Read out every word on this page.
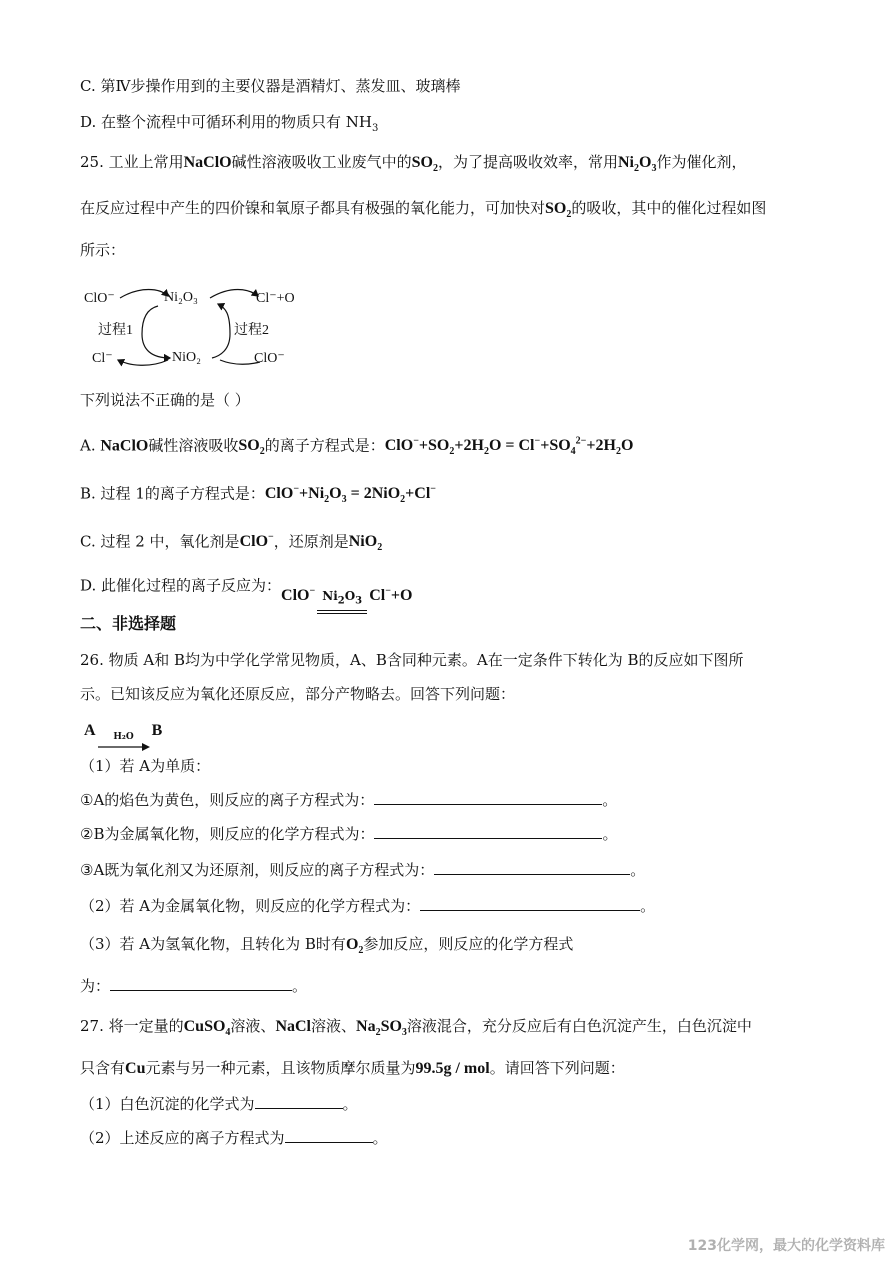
C. 第Ⅳ步操作用到的主要仪器是酒精灯、蒸发皿、玻璃棒
D. 在整个流程中可循环利用的物质只有 $NH_3$
25. 工业上常用NaClO碱性溶液吸收工业废气中的$SO_2$，为了提高吸收效率，常用$Ni_2O_3$作为催化剂，
在反应过程中产生的四价镍和氧原子都具有极强的氧化能力，可加快对$SO_2$的吸收，其中的催化过程如图
所示：
ClO⁻	Ni₂O₃	Cl⁻+O
过程1	过程2
Cl⁻	NiO₂	ClO⁻
下列说法不正确的是（ ）
A. NaClO碱性溶液吸收$SO_2$的离子方程式是：$ClO^-+SO_2+2H_2O = Cl^-+SO_4^{2-}+2H_2O$
B. 过程 1的离子方程式是：$ClO^-+Ni_2O_3 = 2NiO_2+Cl^-$
C. 过程 2 中，氧化剂是ClO−，还原剂是NiO$_2$
D. 此催化过程的离子反应为：ClO− $Ni_2O_3$ Cl−+O
二、非选择题
26. 物质 A和 B均为中学化学常见物质，A、B含同种元素。A在一定条件下转化为 B的反应如下图所
示。已知该反应为氧化还原反应，部分产物略去。回答下列问题：
A	H₂O	B
（1）若 A为单质：
①A的焰色为黄色，则反应的离子方程式为：	。
②B为金属氧化物，则反应的化学方程式为：	。
③A既为氧化剂又为还原剂，则反应的离子方程式为：	。
（2）若 A为金属氧化物，则反应的化学方程式为：	。
（3）若 A为氢氧化物，且转化为 B时有$O_2$参加反应，则反应的化学方程式
为：	。
27. 将一定量的CuSO$_4$溶液、NaCl溶液、$Na_2SO_3$溶液混合，充分反应后有白色沉淀产生，白色沉淀中
只含有Cu元素与另一种元素，且该物质摩尔质量为99.5g / mol。请回答下列问题：
（1）白色沉淀的化学式为	。
（2）上述反应的离子方程式为	。
123化学网，最大的化学资料库
